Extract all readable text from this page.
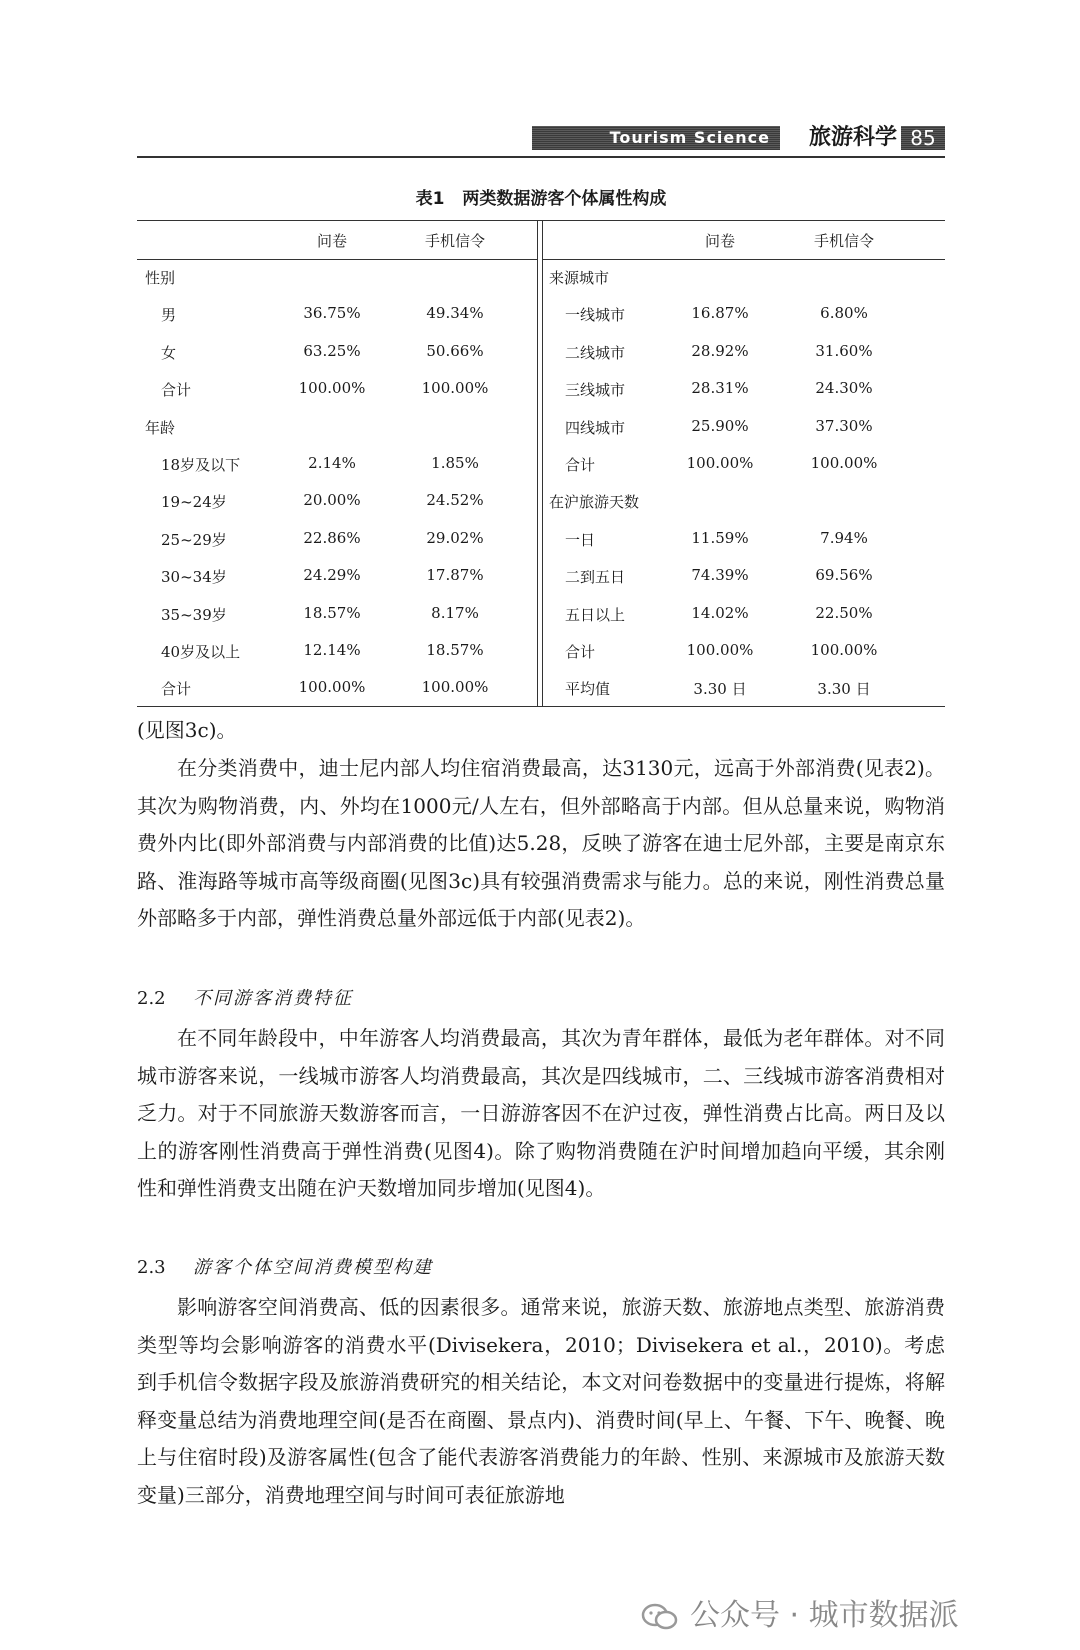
Tourism Science	旅游科学 85
表1 两类数据游客个体属性构成
问卷	手机信令	问卷	手机信令
性别
男	36.75%	49.34%
女	63.25%	50.66%
合计	100.00%	100.00%
年龄
18岁及以下	2.14%	1.85%
19~24岁	20.00%	24.52%
25~29岁	22.86%	29.02%
30~34岁	24.29%	17.87%
35~39岁	18.57%	8.17%
40岁及以上	12.14%	18.57%
合计	100.00%	100.00%
来源城市
一线城市	16.87%	6.80%
二线城市	28.92%	31.60%
三线城市	28.31%	24.30%
四线城市	25.90%	37.30%
合计	100.00%	100.00%
在沪旅游天数
一日	11.59%	7.94%
二到五日	74.39%	69.56%
五日以上	14.02%	22.50%
合计	100.00%	100.00%
平均值	3.30 日	3.30 日
(见图3c)。
在分类消费中，迪士尼内部人均住宿消费最高，达3130元，远高于外部消费(见表2)。其次为购物消费，内、外均在1000元/人左右，但外部略高于内部。但从总量来说，购物消费外内比(即外部消费与内部消费的比值)达5.28，反映了游客在迪士尼外部，主要是南京东路、淮海路等城市高等级商圈(见图3c)具有较强消费需求与能力。总的来说，刚性消费总量外部略多于内部，弹性消费总量外部远低于内部(见表2)。
2.2 不同游客消费特征
在不同年龄段中，中年游客人均消费最高，其次为青年群体，最低为老年群体。对不同城市游客来说，一线城市游客人均消费最高，其次是四线城市，二、三线城市游客消费相对乏力。对于不同旅游天数游客而言，一日游游客因不在沪过夜，弹性消费占比高。两日及以上的游客刚性消费高于弹性消费(见图4)。除了购物消费随在沪时间增加趋向平缓，其余刚性和弹性消费支出随在沪天数增加同步增加(见图4)。
2.3 游客个体空间消费模型构建
影响游客空间消费高、低的因素很多。通常来说，旅游天数、旅游地点类型、旅游消费类型等均会影响游客的消费水平(Divisekera，2010；Divisekera et al.，2010)。考虑到手机信令数据字段及旅游消费研究的相关结论，本文对问卷数据中的变量进行提炼，将解释变量总结为消费地理空间(是否在商圈、景点内)、消费时间(早上、午餐、下午、晚餐、晚上与住宿时段)及游客属性(包含了能代表游客消费能力的年龄、性别、来源城市及旅游天数变量)三部分，消费地理空间与时间可表征旅游地
公众号 · 城市数据派
